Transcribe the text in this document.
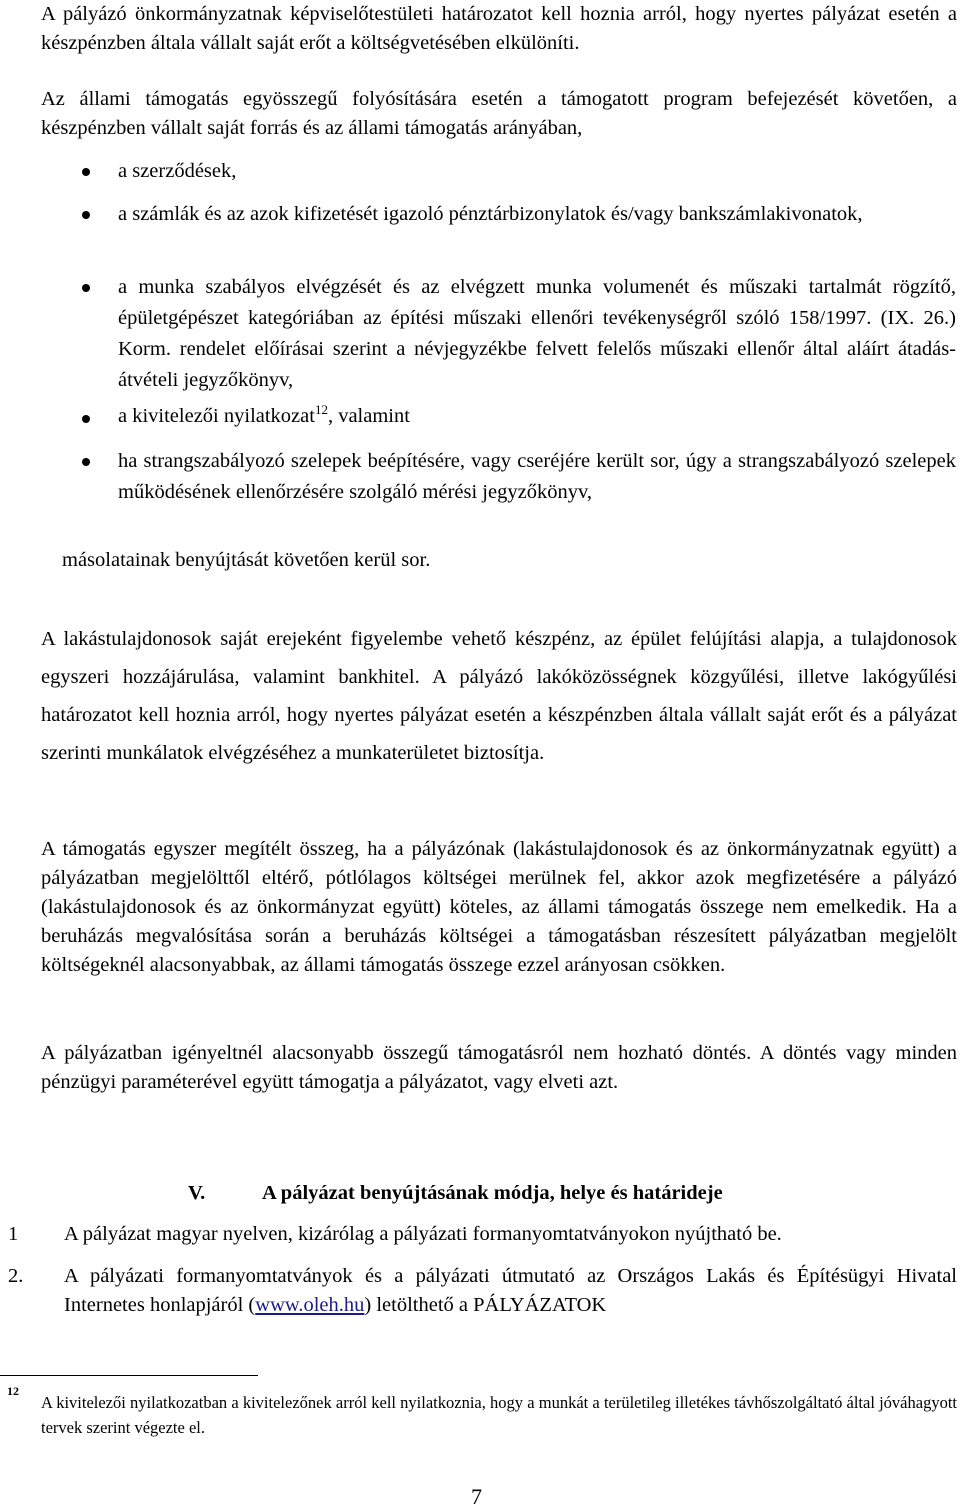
A pályázó önkormányzatnak képviselőtestületi határozatot kell hoznia arról, hogy nyertes pályázat esetén a készpénzben általa vállalt saját erőt a költségvetésében elkülöníti.

Az állami támogatás egyösszegű folyósítására esetén a támogatott program befejezését követően, a készpénzben vállalt saját forrás és az állami támogatás arányában,

a szerződések,

a számlák és az azok kifizetését igazoló pénztárbizonylatok és/vagy bankszámlakivonatok,

a munka szabályos elvégzését és az elvégzett munka volumenét és műszaki tartalmát rögzítő, épületgépészet kategóriában az építési műszaki ellenőri tevékenységről szóló 158/1997. (IX. 26.) Korm. rendelet előírásai szerint a névjegyzékbe felvett felelős műszaki ellenőr által aláírt átadás-átvételi jegyzőkönyv,

a kivitelezői nyilatkozat$^{12}$, valamint

ha strangszabályozó szelepek beépítésére, vagy cseréjére került sor, úgy a strangszabályozó szelepek működésének ellenőrzésére szolgáló mérési jegyzőkönyv,

másolatainak benyújtását követően kerül sor.

A lakástulajdonosok saját erejeként figyelembe vehető készpénz, az épület felújítási alapja, a tulajdonosok egyszeri hozzájárulása, valamint bankhitel. A pályázó lakóközösségnek közgyűlési, illetve lakógyűlési határozatot kell hoznia arról, hogy nyertes pályázat esetén a készpénzben általa vállalt saját erőt és a pályázat szerinti munkálatok elvégzéséhez a munkaterületet biztosítja.

A támogatás egyszer megítélt összeg, ha a pályázónak (lakástulajdonosok és az önkormányzatnak együtt) a pályázatban megjelölttől eltérő, pótlólagos költségei merülnek fel, akkor azok megfizetésére a pályázó (lakástulajdonosok és az önkormányzat együtt) köteles, az állami támogatás összege nem emelkedik. Ha a beruházás megvalósítása során a beruházás költségei a támogatásban részesített pályázatban megjelölt költségeknél alacsonyabbak, az állami támogatás összege ezzel arányosan csökken.

A pályázatban igényeltnél alacsonyabb összegű támogatásról nem hozható döntés. A döntés vagy minden pénzügyi paraméterével együtt támogatja a pályázatot, vagy elveti azt.

V.	A pályázat benyújtásának módja, helye és határideje
1 A pályázat magyar nyelven, kizárólag a pályázati formanyomtatványokon nyújtható be.

2. A pályázati formanyomtatványok és a pályázati útmutató az Országos Lakás és Építésügyi Hivatal Internetes honlapjáról (www.oleh.hu) letölthető a PÁLYÁZATOK

12

A kivitelezői nyilatkozatban a kivitelezőnek arról kell nyilatkoznia, hogy a munkát a területileg illetékes távhőszolgáltató által jóváhagyott tervek szerint végezte el.

7
